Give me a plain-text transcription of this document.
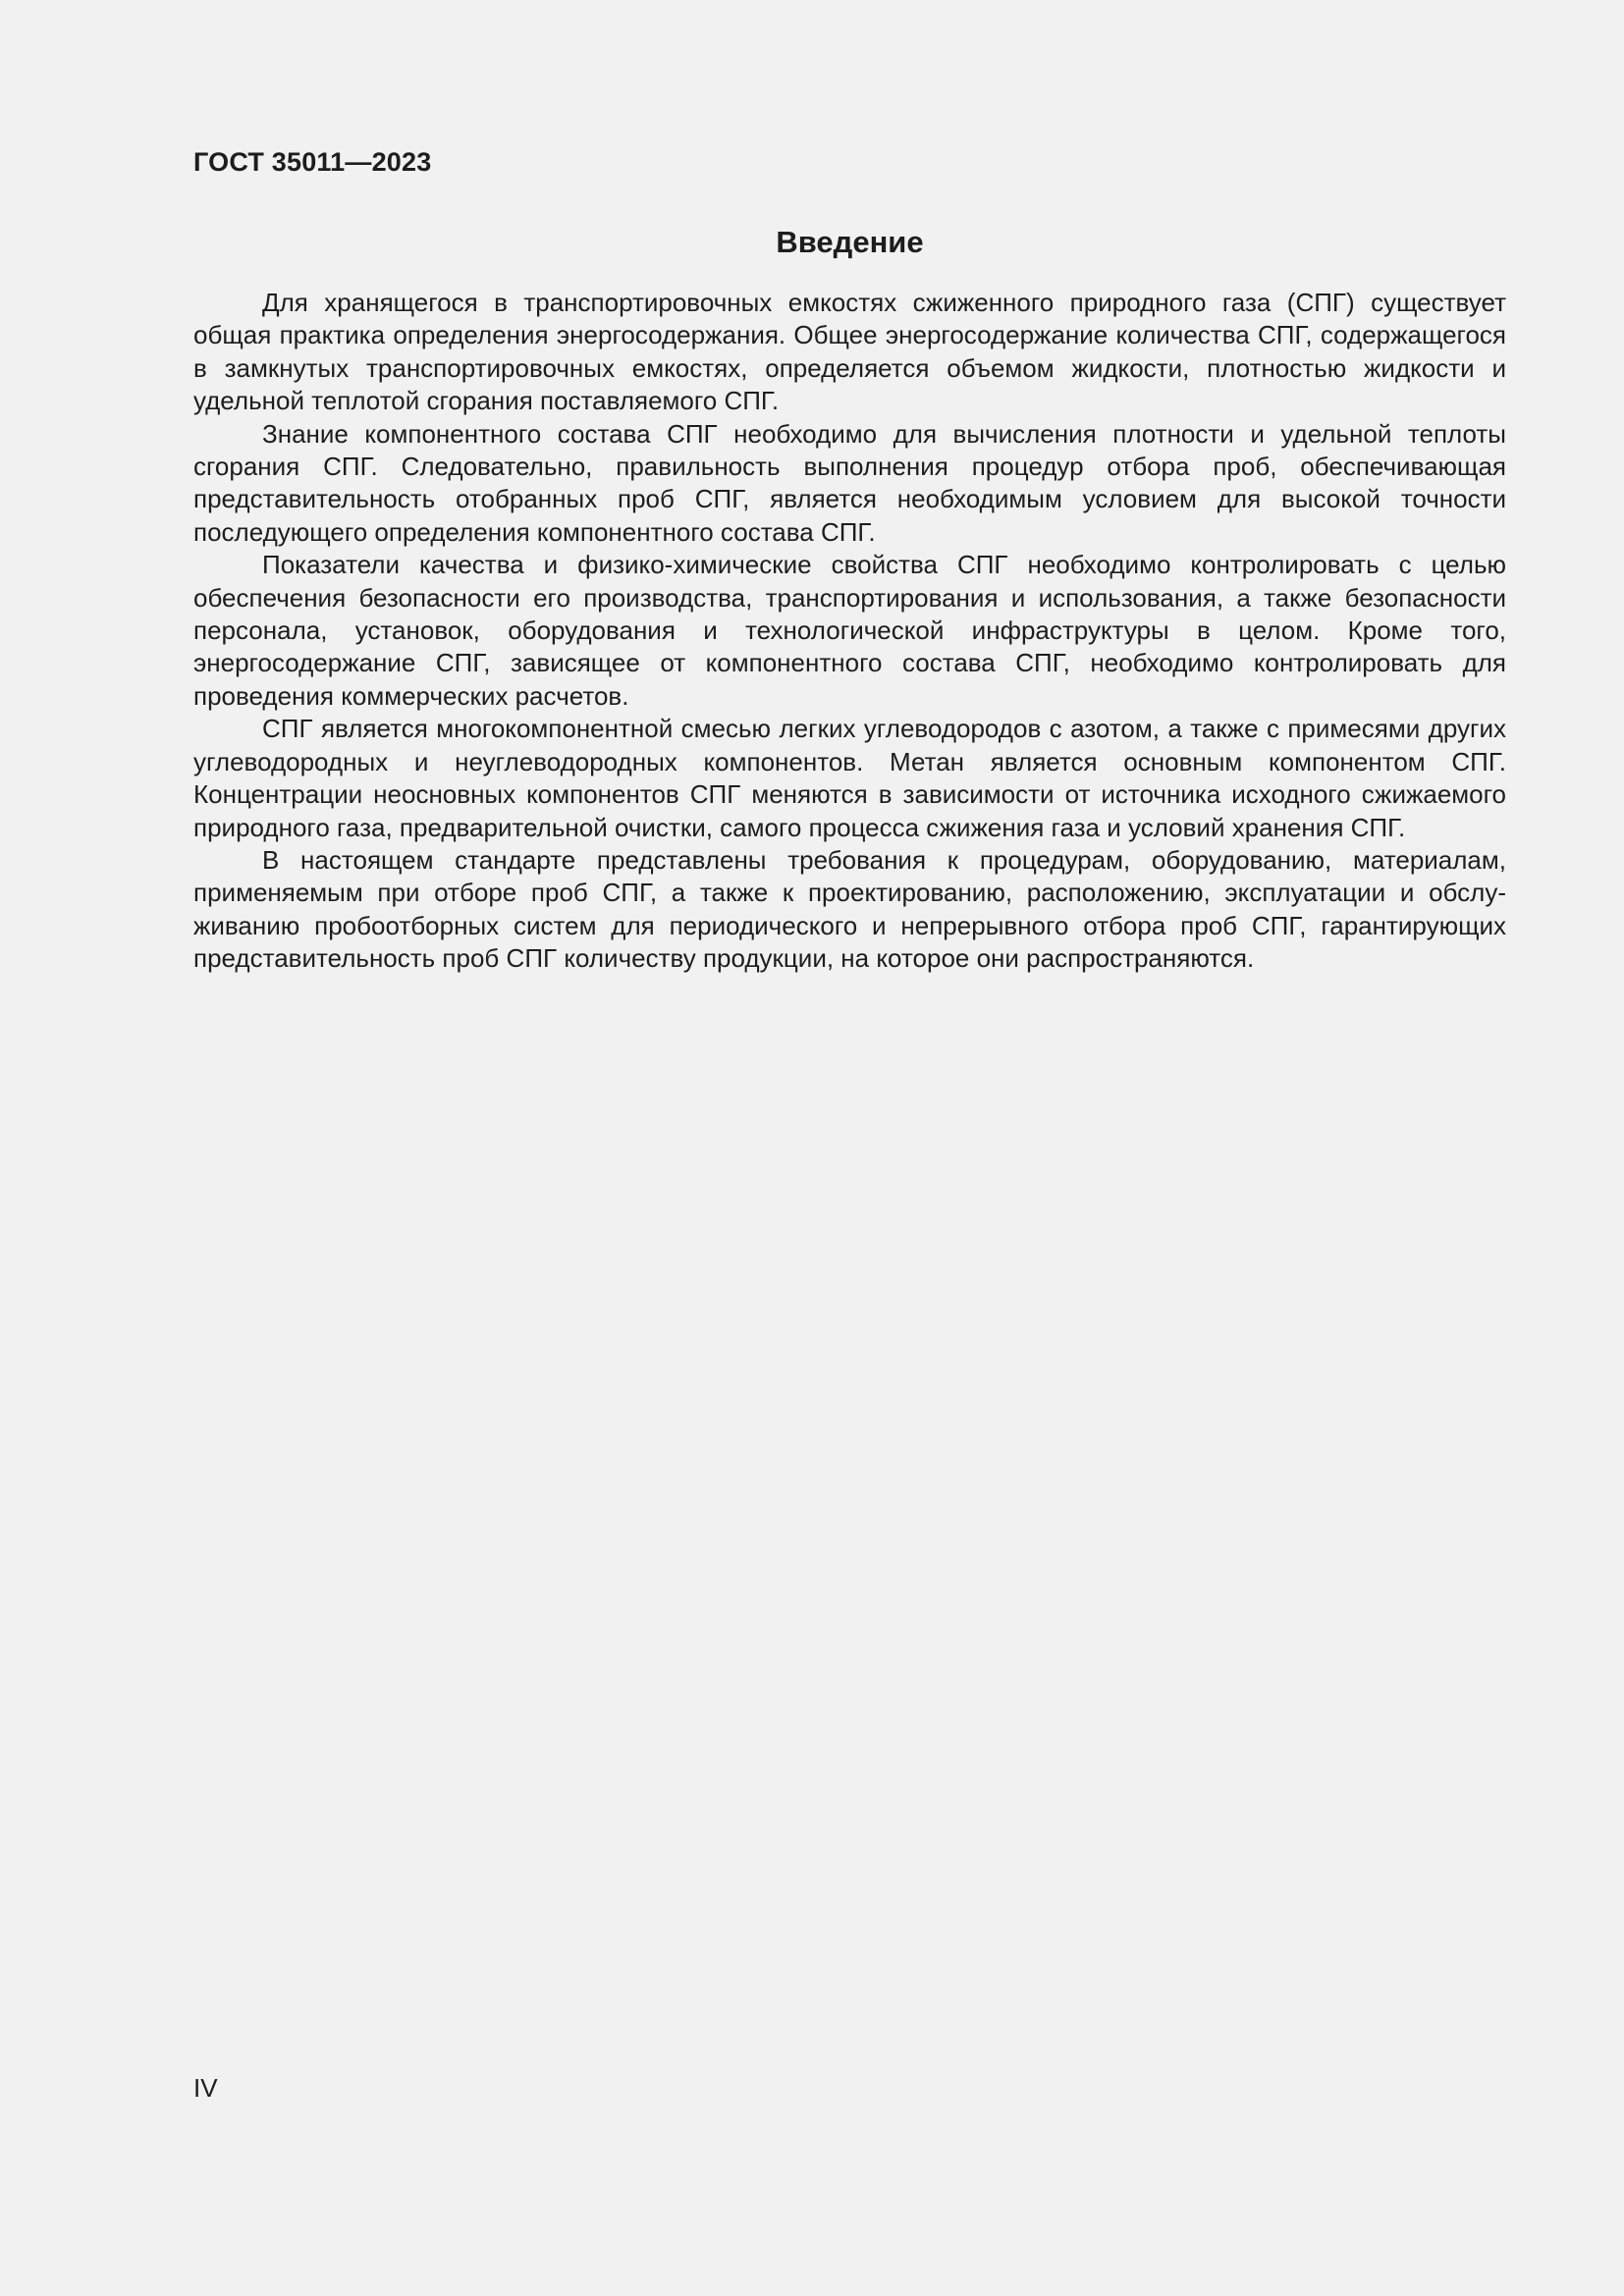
ГОСТ 35011—2023
Введение

Для хранящегося в транспортировочных емкостях сжиженного природного газа (СПГ) существует общая практика определения энергосодержания. Общее энергосодержание количества СПГ, содержащегося в замкнутых транспортировочных емкостях, определяется объемом жидкости, плотностью жидкости и удельной теплотой сгорания поставляемого СПГ.

Знание компонентного состава СПГ необходимо для вычисления плотности и удельной теплоты сгорания СПГ. Следовательно, правильность выполнения процедур отбора проб, обеспечивающая представительность отобранных проб СПГ, является необходимым условием для высокой точности последующего определения компонентного состава СПГ.

Показатели качества и физико-химические свойства СПГ необходимо контролировать с целью обеспечения безопасности его производства, транспортирования и использования, а также безопасности персонала, установок, оборудования и технологической инфраструктуры в целом. Кроме того, энергосодержание СПГ, зависящее от компонентного состава СПГ, необходимо контролировать для проведения коммерческих расчетов.

СПГ является многокомпонентной смесью легких углеводородов с азотом, а также с примесями других углеводородных и неуглеводородных компонентов. Метан является основным компонентом СПГ. Концентрации неосновных компонентов СПГ меняются в зависимости от источника исходного сжижаемого природного газа, предварительной очистки, самого процесса сжижения газа и условий хранения СПГ.

В настоящем стандарте представлены требования к процедурам, оборудованию, материалам, применяемым при отборе проб СПГ, а также к проектированию, расположению, эксплуатации и обслуживанию пробоотборных систем для периодического и непрерывного отбора проб СПГ, гарантирующих представительность проб СПГ количеству продукции, на которое они распространяются.

IV
